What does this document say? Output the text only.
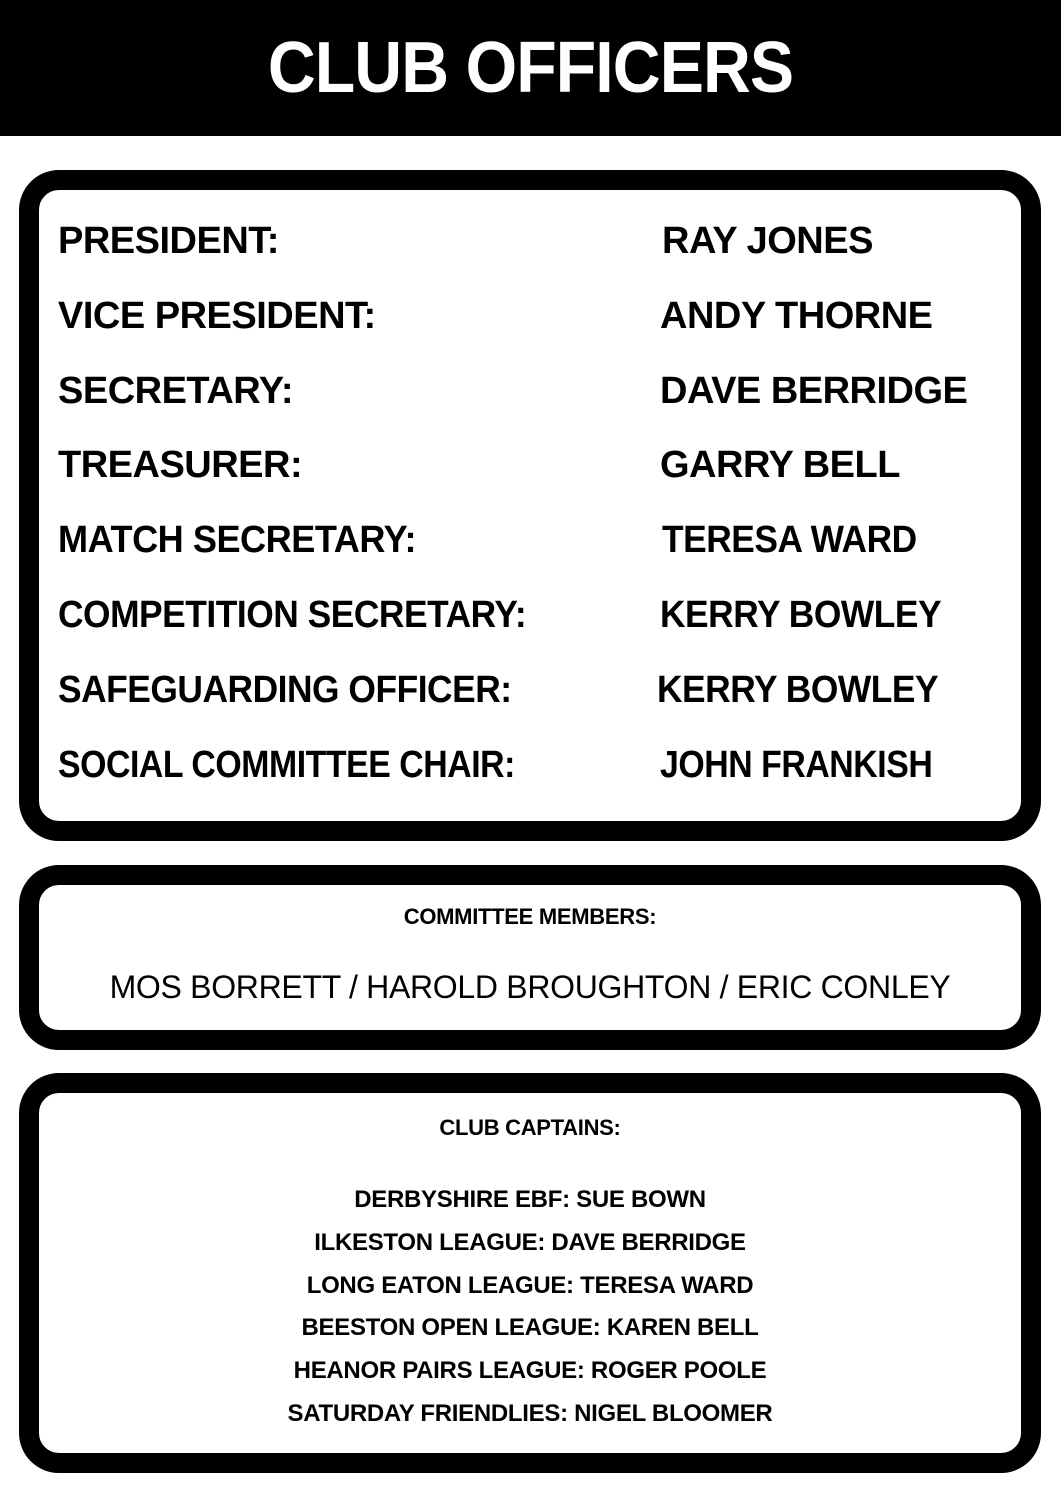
CLUB OFFICERS
PRESIDENT:	RAY JONES
VICE PRESIDENT:	ANDY THORNE
SECRETARY:	DAVE BERRIDGE
TREASURER:	GARRY BELL
MATCH SECRETARY:	TERESA WARD
COMPETITION SECRETARY:	KERRY BOWLEY
SAFEGUARDING OFFICER:	KERRY BOWLEY
SOCIAL COMMITTEE CHAIR:	JOHN FRANKISH
COMMITTEE MEMBERS:
MOS BORRETT / HAROLD BROUGHTON / ERIC CONLEY
CLUB CAPTAINS:
DERBYSHIRE EBF: SUE BOWN
ILKESTON LEAGUE: DAVE BERRIDGE
LONG EATON LEAGUE: TERESA WARD
BEESTON OPEN LEAGUE: KAREN BELL
HEANOR PAIRS LEAGUE: ROGER POOLE
SATURDAY FRIENDLIES: NIGEL BLOOMER
